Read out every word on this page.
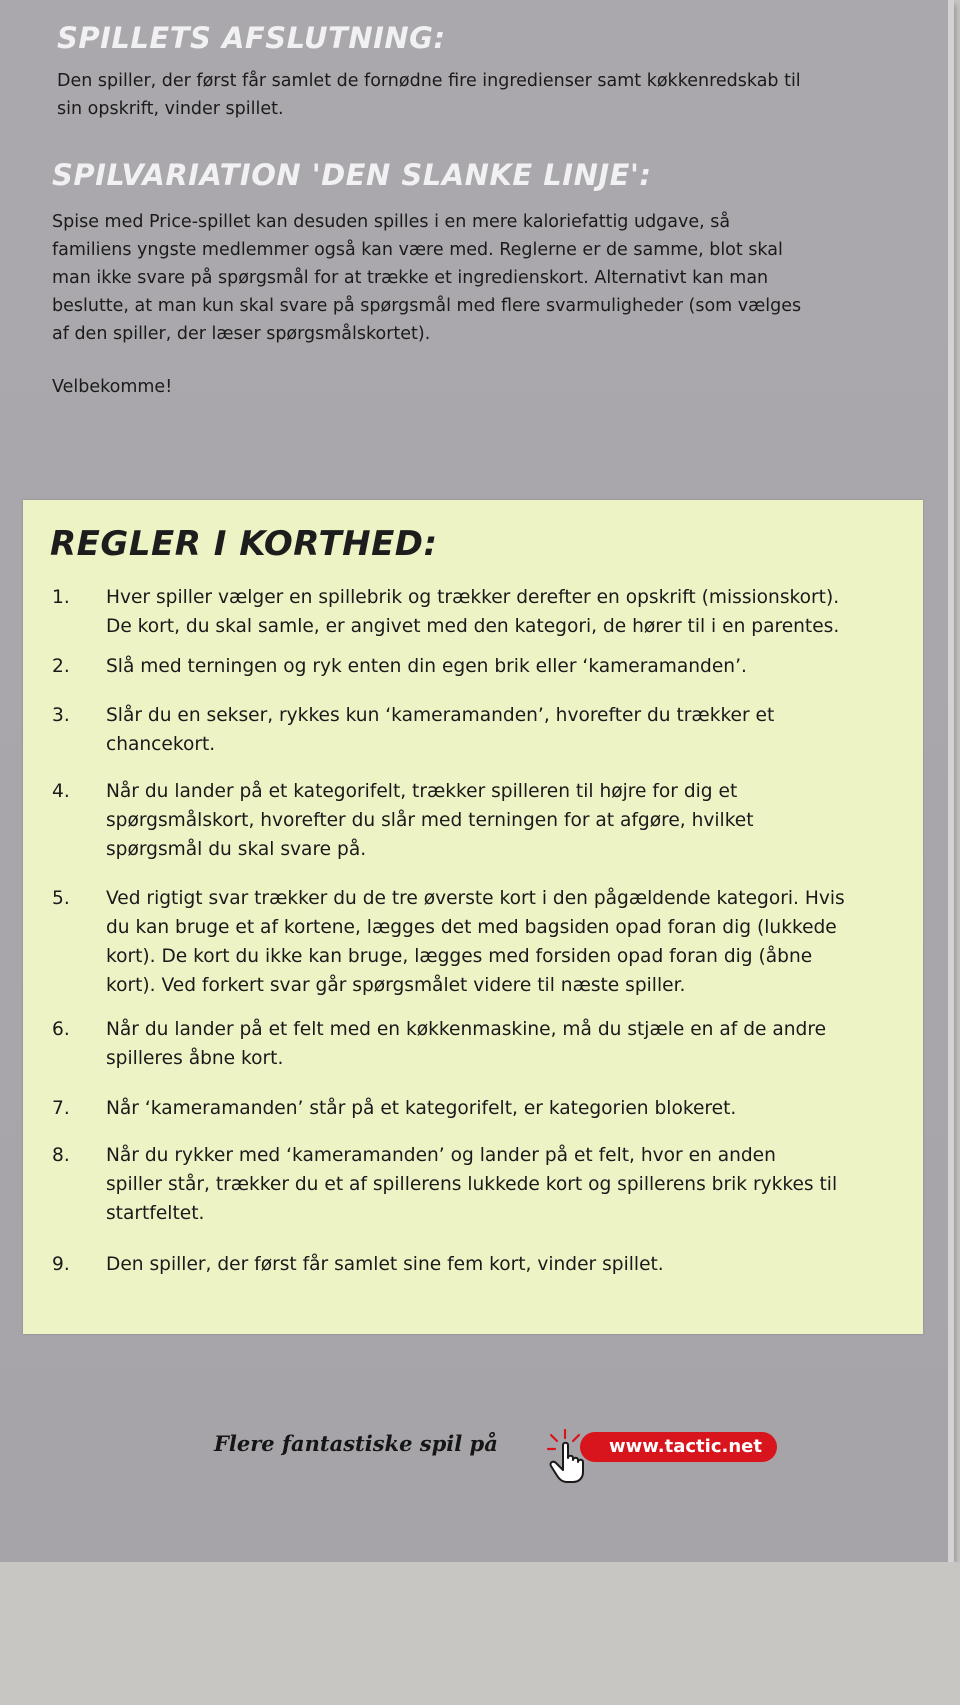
SPILLETS AFSLUTNING:

Den spiller, der først får samlet de fornødne fire ingredienser samt køkkenredskab til
sin opskrift, vinder spillet.

SPILVARIATION 'DEN SLANKE LINJE':

Spise med Price-spillet kan desuden spilles i en mere kaloriefattig udgave, så
familiens yngste medlemmer også kan være med. Reglerne er de samme, blot skal
man ikke svare på spørgsmål for at trække et ingredienskort. Alternativt kan man
beslutte, at man kun skal svare på spørgsmål med flere svarmuligheder (som vælges
af den spiller, der læser spørgsmålskortet).

Velbekomme!

REGLER I KORTHED:
1.	Hver spiller vælger en spillebrik og trækker derefter en opskrift (missionskort).
De kort, du skal samle, er angivet med den kategori, de hører til i en parentes.
2.	Slå med terningen og ryk enten din egen brik eller ‘kameramanden’.
3.	Slår du en sekser, rykkes kun ‘kameramanden’, hvorefter du trækker et
chancekort.
4.	Når du lander på et kategorifelt, trækker spilleren til højre for dig et
spørgsmålskort, hvorefter du slår med terningen for at afgøre, hvilket
spørgsmål du skal svare på.
5.	Ved rigtigt svar trækker du de tre øverste kort i den pågældende kategori. Hvis
du kan bruge et af kortene, lægges det med bagsiden opad foran dig (lukkede
kort). De kort du ikke kan bruge, lægges med forsiden opad foran dig (åbne
kort). Ved forkert svar går spørgsmålet videre til næste spiller.
6.	Når du lander på et felt med en køkkenmaskine, må du stjæle en af de andre
spilleres åbne kort.
7.	Når ‘kameramanden’ står på et kategorifelt, er kategorien blokeret.
8.	Når du rykker med ‘kameramanden’ og lander på et felt, hvor en anden
spiller står, trækker du et af spillerens lukkede kort og spillerens brik rykkes til
startfeltet.
9.	Den spiller, der først får samlet sine fem kort, vinder spillet.
Flere fantastiske spil på	www.tactic.net
